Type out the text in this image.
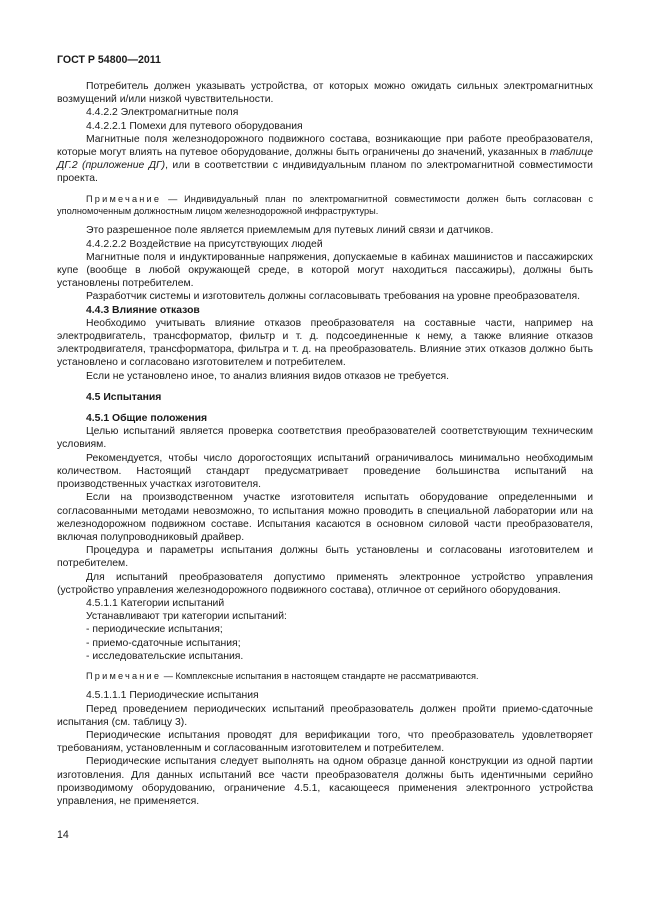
ГОСТ Р 54800—2011

Потребитель должен указывать устройства, от которых можно ожидать сильных электромагнитных возмущений и/или низкой чувствительности.

4.4.2.2 Электромагнитные поля

4.4.2.2.1 Помехи для путевого оборудования

Магнитные поля железнодорожного подвижного состава, возникающие при работе преобразователя, которые могут влиять на путевое оборудование, должны быть ограничены до значений, указанных в таблице ДГ.2 (приложение ДГ), или в соответствии с индивидуальным планом по электромагнитной совместимости проекта.

Примечание — Индивидуальный план по электромагнитной совместимости должен быть согласован с уполномоченным должностным лицом железнодорожной инфраструктуры.

Это разрешенное поле является приемлемым для путевых линий связи и датчиков.

4.4.2.2.2 Воздействие на присутствующих людей

Магнитные поля и индуктированные напряжения, допускаемые в кабинах машинистов и пассажирских купе (вообще в любой окружающей среде, в которой могут находиться пассажиры), должны быть установлены потребителем.

Разработчик системы и изготовитель должны согласовывать требования на уровне преобразователя.

4.4.3 Влияние отказов

Необходимо учитывать влияние отказов преобразователя на составные части, например на электродвигатель, трансформатор, фильтр и т. д. подсоединенные к нему, а также влияние отказов электродвигателя, трансформатора, фильтра и т. д. на преобразователь. Влияние этих отказов должно быть установлено и согласовано изготовителем и потребителем.

Если не установлено иное, то анализ влияния видов отказов не требуется.

4.5 Испытания

4.5.1 Общие положения

Целью испытаний является проверка соответствия преобразователей соответствующим техническим условиям.

Рекомендуется, чтобы число дорогостоящих испытаний ограничивалось минимально необходимым количеством. Настоящий стандарт предусматривает проведение большинства испытаний на производственных участках изготовителя.

Если на производственном участке изготовителя испытать оборудование определенными и согласованными методами невозможно, то испытания можно проводить в специальной лаборатории или на железнодорожном подвижном составе. Испытания касаются в основном силовой части преобразователя, включая полупроводниковый драйвер.

Процедура и параметры испытания должны быть установлены и согласованы изготовителем и потребителем.

Для испытаний преобразователя допустимо применять электронное устройство управления (устройство управления железнодорожного подвижного состава), отличное от серийного оборудования.

4.5.1.1 Категории испытаний

Устанавливают три категории испытаний:

- периодические испытания;

- приемо-сдаточные испытания;

- исследовательские испытания.

Примечание — Комплексные испытания в настоящем стандарте не рассматриваются.

4.5.1.1.1 Периодические испытания

Перед проведением периодических испытаний преобразователь должен пройти приемо-сдаточные испытания (см. таблицу 3).

Периодические испытания проводят для верификации того, что преобразователь удовлетворяет требованиям, установленным и согласованным изготовителем и потребителем.

Периодические испытания следует выполнять на одном образце данной конструкции из одной партии изготовления. Для данных испытаний все части преобразователя должны быть идентичными серийно производимому оборудованию, ограничение 4.5.1, касающееся применения электронного устройства управления, не применяется.

14
